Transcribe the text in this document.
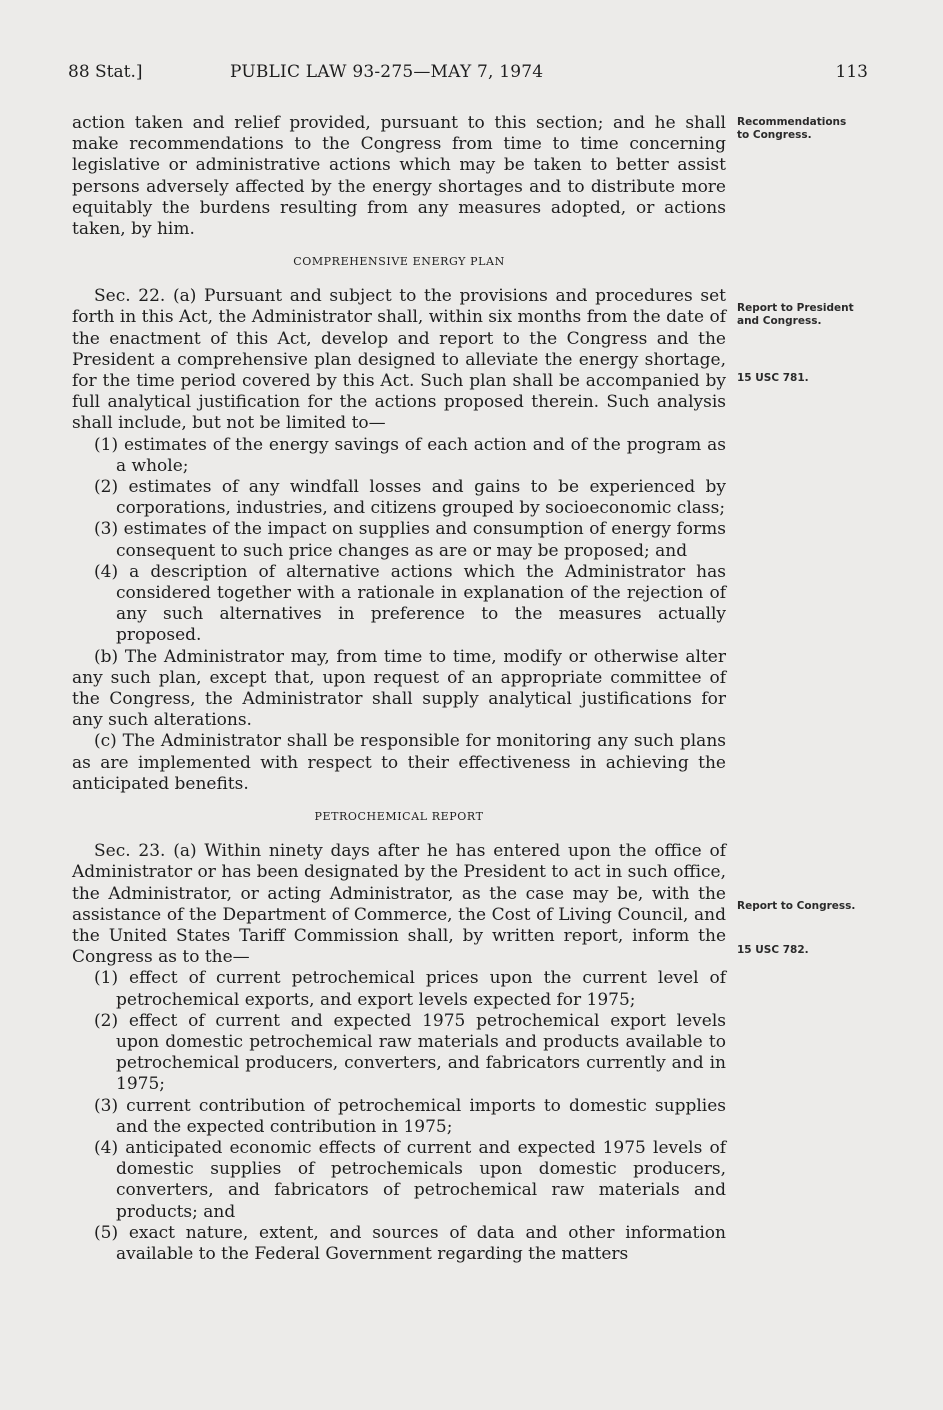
88 Stat.]	PUBLIC LAW 93-275—MAY 7, 1974	113
Recommendations to Congress.
Report to President and Congress.
15 USC 781.
Report to Congress.
15 USC 782.

action taken and relief provided, pursuant to this section; and he shall make recommendations to the Congress from time to time concerning legislative or administrative actions which may be taken to better assist persons adversely affected by the energy shortages and to distribute more equitably the burdens resulting from any measures adopted, or actions taken, by him.

COMPREHENSIVE ENERGY PLAN

Sec. 22. (a) Pursuant and subject to the provisions and procedures set forth in this Act, the Administrator shall, within six months from the date of the enactment of this Act, develop and report to the Congress and the President a comprehensive plan designed to alleviate the energy shortage, for the time period covered by this Act. Such plan shall be accompanied by full analytical justification for the actions proposed therein. Such analysis shall include, but not be limited to—

(1) estimates of the energy savings of each action and of the program as a whole;

(2) estimates of any windfall losses and gains to be experienced by corporations, industries, and citizens grouped by socioeconomic class;

(3) estimates of the impact on supplies and consumption of energy forms consequent to such price changes as are or may be proposed; and

(4) a description of alternative actions which the Administrator has considered together with a rationale in explanation of the rejection of any such alternatives in preference to the measures actually proposed.

(b) The Administrator may, from time to time, modify or otherwise alter any such plan, except that, upon request of an appropriate committee of the Congress, the Administrator shall supply analytical justifications for any such alterations.

(c) The Administrator shall be responsible for monitoring any such plans as are implemented with respect to their effectiveness in achieving the anticipated benefits.

PETROCHEMICAL REPORT

Sec. 23. (a) Within ninety days after he has entered upon the office of Administrator or has been designated by the President to act in such office, the Administrator, or acting Administrator, as the case may be, with the assistance of the Department of Commerce, the Cost of Living Council, and the United States Tariff Commission shall, by written report, inform the Congress as to the—

(1) effect of current petrochemical prices upon the current level of petrochemical exports, and export levels expected for 1975;

(2) effect of current and expected 1975 petrochemical export levels upon domestic petrochemical raw materials and products available to petrochemical producers, converters, and fabricators currently and in 1975;

(3) current contribution of petrochemical imports to domestic supplies and the expected contribution in 1975;

(4) anticipated economic effects of current and expected 1975 levels of domestic supplies of petrochemicals upon domestic producers, converters, and fabricators of petrochemical raw materials and products; and

(5) exact nature, extent, and sources of data and other information available to the Federal Government regarding the matters
